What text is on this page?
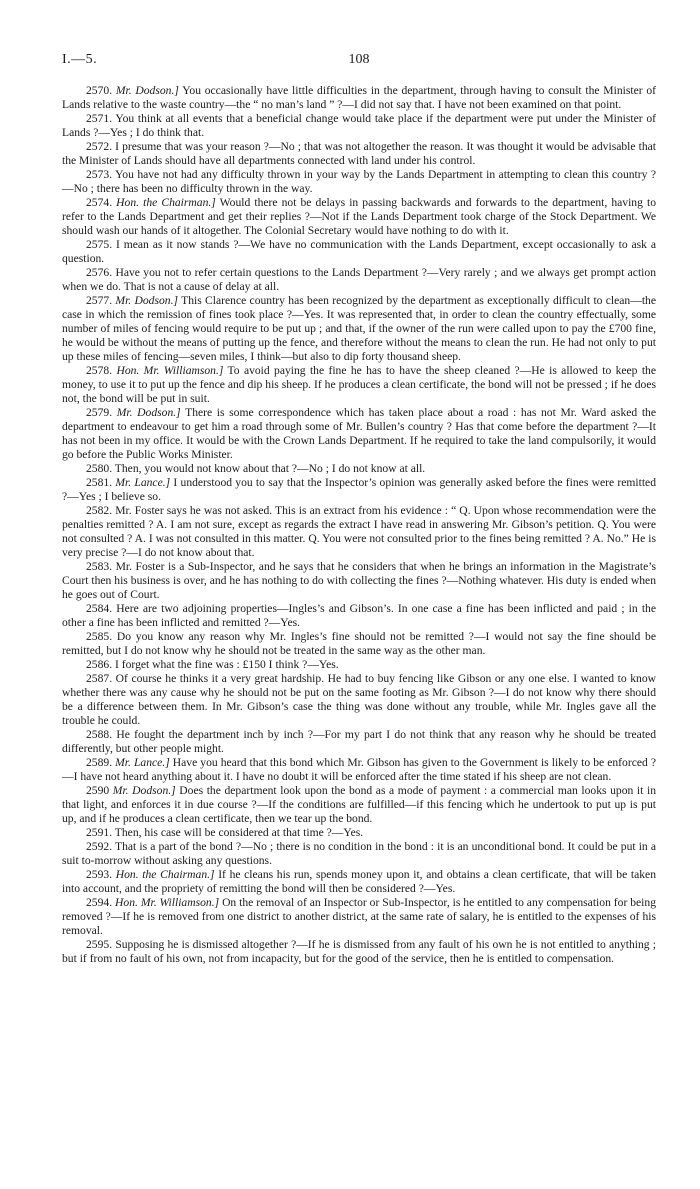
I.—5.	108

2570. Mr. Dodson.] You occasionally have little difficulties in the department, through having to consult the Minister of Lands relative to the waste country—the “ no man’s land ” ?—I did not say that. I have not been examined on that point.

2571. You think at all events that a beneficial change would take place if the department were put under the Minister of Lands ?—Yes ; I do think that.

2572. I presume that was your reason ?—No ; that was not altogether the reason. It was thought it would be advisable that the Minister of Lands should have all departments connected with land under his control.

2573. You have not had any difficulty thrown in your way by the Lands Department in attempting to clean this country ?—No ; there has been no difficulty thrown in the way.

2574. Hon. the Chairman.] Would there not be delays in passing backwards and forwards to the department, having to refer to the Lands Department and get their replies ?—Not if the Lands Department took charge of the Stock Department. We should wash our hands of it altogether. The Colonial Secretary would have nothing to do with it.

2575. I mean as it now stands ?—We have no communication with the Lands Department, except occasionally to ask a question.

2576. Have you not to refer certain questions to the Lands Department ?—Very rarely ; and we always get prompt action when we do. That is not a cause of delay at all.

2577. Mr. Dodson.] This Clarence country has been recognized by the department as exceptionally difficult to clean—the case in which the remission of fines took place ?—Yes. It was represented that, in order to clean the country effectually, some number of miles of fencing would require to be put up ; and that, if the owner of the run were called upon to pay the £700 fine, he would be without the means of putting up the fence, and therefore without the means to clean the run. He had not only to put up these miles of fencing—seven miles, I think—but also to dip forty thousand sheep.

2578. Hon. Mr. Williamson.] To avoid paying the fine he has to have the sheep cleaned ?—He is allowed to keep the money, to use it to put up the fence and dip his sheep. If he produces a clean certificate, the bond will not be pressed ; if he does not, the bond will be put in suit.

2579. Mr. Dodson.] There is some correspondence which has taken place about a road : has not Mr. Ward asked the department to endeavour to get him a road through some of Mr. Bullen’s country ? Has that come before the department ?—It has not been in my office. It would be with the Crown Lands Department. If he required to take the land compulsorily, it would go before the Public Works Minister.

2580. Then, you would not know about that ?—No ; I do not know at all.

2581. Mr. Lance.] I understood you to say that the Inspector’s opinion was generally asked before the fines were remitted ?—Yes ; I believe so.

2582. Mr. Foster says he was not asked. This is an extract from his evidence : “ Q. Upon whose recommendation were the penalties remitted ? A. I am not sure, except as regards the extract I have read in answering Mr. Gibson’s petition. Q. You were not consulted ? A. I was not consulted in this matter. Q. You were not consulted prior to the fines being remitted ? A. No.” He is very precise ?—I do not know about that.

2583. Mr. Foster is a Sub-Inspector, and he says that he considers that when he brings an information in the Magistrate’s Court then his business is over, and he has nothing to do with collecting the fines ?—Nothing whatever. His duty is ended when he goes out of Court.

2584. Here are two adjoining properties—Ingles’s and Gibson’s. In one case a fine has been inflicted and paid ; in the other a fine has been inflicted and remitted ?—Yes.

2585. Do you know any reason why Mr. Ingles’s fine should not be remitted ?—I would not say the fine should be remitted, but I do not know why he should not be treated in the same way as the other man.

2586. I forget what the fine was : £150 I think ?—Yes.

2587. Of course he thinks it a very great hardship. He had to buy fencing like Gibson or any one else. I wanted to know whether there was any cause why he should not be put on the same footing as Mr. Gibson ?—I do not know why there should be a difference between them. In Mr. Gibson’s case the thing was done without any trouble, while Mr. Ingles gave all the trouble he could.

2588. He fought the department inch by inch ?—For my part I do not think that any reason why he should be treated differently, but other people might.

2589. Mr. Lance.] Have you heard that this bond which Mr. Gibson has given to the Government is likely to be enforced ?—I have not heard anything about it. I have no doubt it will be enforced after the time stated if his sheep are not clean.

2590 Mr. Dodson.] Does the department look upon the bond as a mode of payment : a commercial man looks upon it in that light, and enforces it in due course ?—If the conditions are fulfilled—if this fencing which he undertook to put up is put up, and if he produces a clean certificate, then we tear up the bond.

2591. Then, his case will be considered at that time ?—Yes.

2592. That is a part of the bond ?—No ; there is no condition in the bond : it is an unconditional bond. It could be put in a suit to-morrow without asking any questions.

2593. Hon. the Chairman.] If he cleans his run, spends money upon it, and obtains a clean certificate, that will be taken into account, and the propriety of remitting the bond will then be considered ?—Yes.

2594. Hon. Mr. Williamson.] On the removal of an Inspector or Sub-Inspector, is he entitled to any compensation for being removed ?—If he is removed from one district to another district, at the same rate of salary, he is entitled to the expenses of his removal.

2595. Supposing he is dismissed altogether ?—If he is dismissed from any fault of his own he is not entitled to anything ; but if from no fault of his own, not from incapacity, but for the good of the service, then he is entitled to compensation.
